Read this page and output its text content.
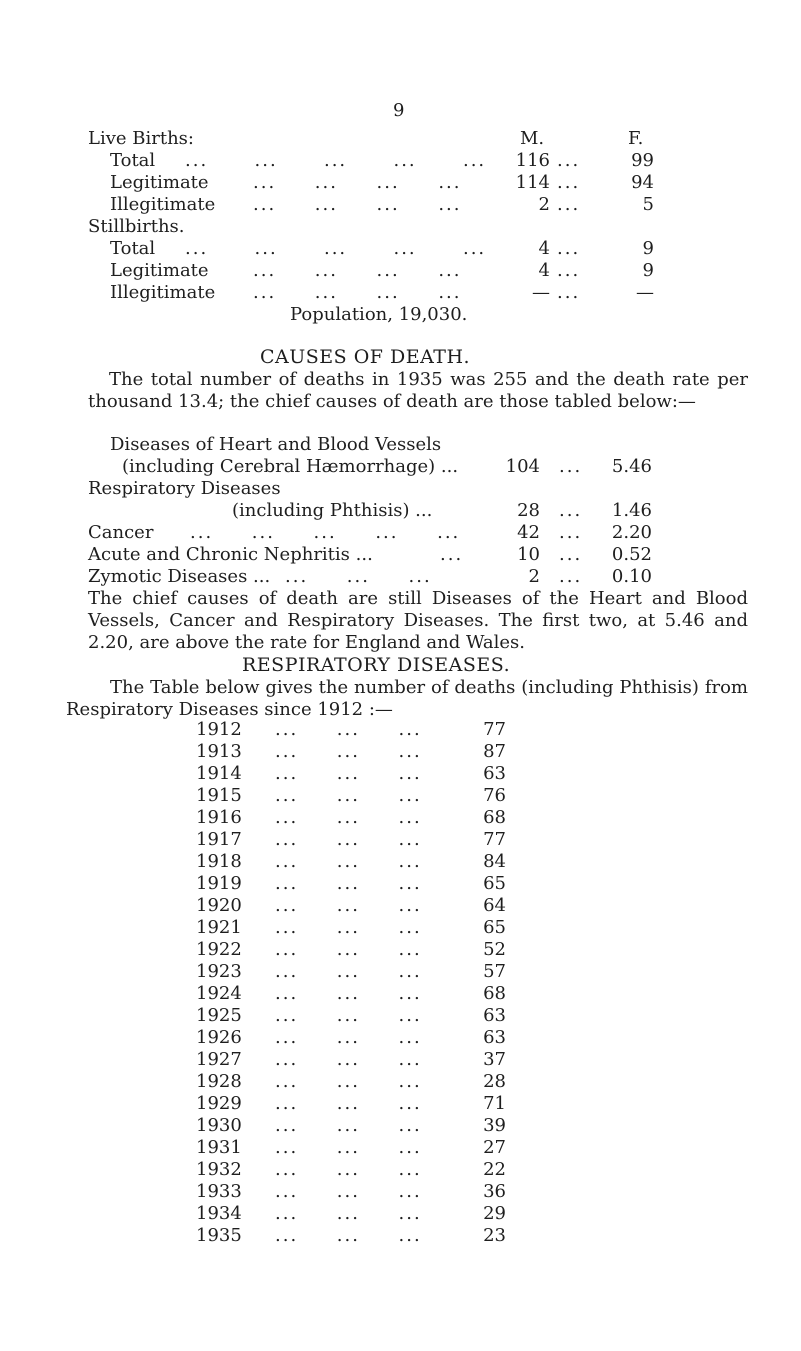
9
Live Births:	M.	F.
Total ...      ...      ...      ...      ...	116 ...	99
Legitimate ...     ...     ...     ...	114 ...	94
Illegitimate ...     ...     ...     ...	2 ...	5
Stillbirths.
Total ...      ...      ...      ...      ...	4 ...	9
Legitimate ...     ...     ...     ...	4 ...	9
Illegitimate ...     ...     ...     ...	— ...	—
Population, 19,030.
CAUSES OF DEATH.
The total number of deaths in 1935 was 255 and the death rate per thousand 13.4; the chief causes of death are those tabled below:—
Diseases of Heart and Blood Vessels
(including Cerebral Hæmorrhage) ...	104 ...	5.46
Respiratory Diseases
(including Phthisis) ...	28 ...	1.46
Cancer ...     ...     ...     ...     ...	42 ...	2.20
Acute and Chronic Nephritis ...	...	10 ...	0.52
Zymotic Diseases ... ...     ...     ...	2 ...	0.10
The chief causes of death are still Diseases of the Heart and Blood Vessels, Cancer and Respiratory Diseases. The first two, at 5.46 and 2.20, are above the rate for England and Wales.
RESPIRATORY DISEASES.
The Table below gives the number of deaths (including Phthisis) from Respiratory Diseases since 1912 :—
1912 ...     ...     ...	77
1913 ...     ...     ...	87
1914 ...     ...     ...	63
1915 ...     ...     ...	76
1916 ...     ...     ...	68
1917 ...     ...     ...	77
1918 ...     ...     ...	84
1919 ...     ...     ...	65
1920 ...     ...     ...	64
1921 ...     ...     ...	65
1922 ...     ...     ...	52
1923 ...     ...     ...	57
1924 ...     ...     ...	68
1925 ...     ...     ...	63
1926 ...     ...     ...	63
1927 ...     ...     ...	37
1928 ...     ...     ...	28
1929 ...     ...     ...	71
1930 ...     ...     ...	39
1931 ...     ...     ...	27
1932 ...     ...     ...	22
1933 ...     ...     ...	36
1934 ...     ...     ...	29
1935 ...     ...     ...	23
